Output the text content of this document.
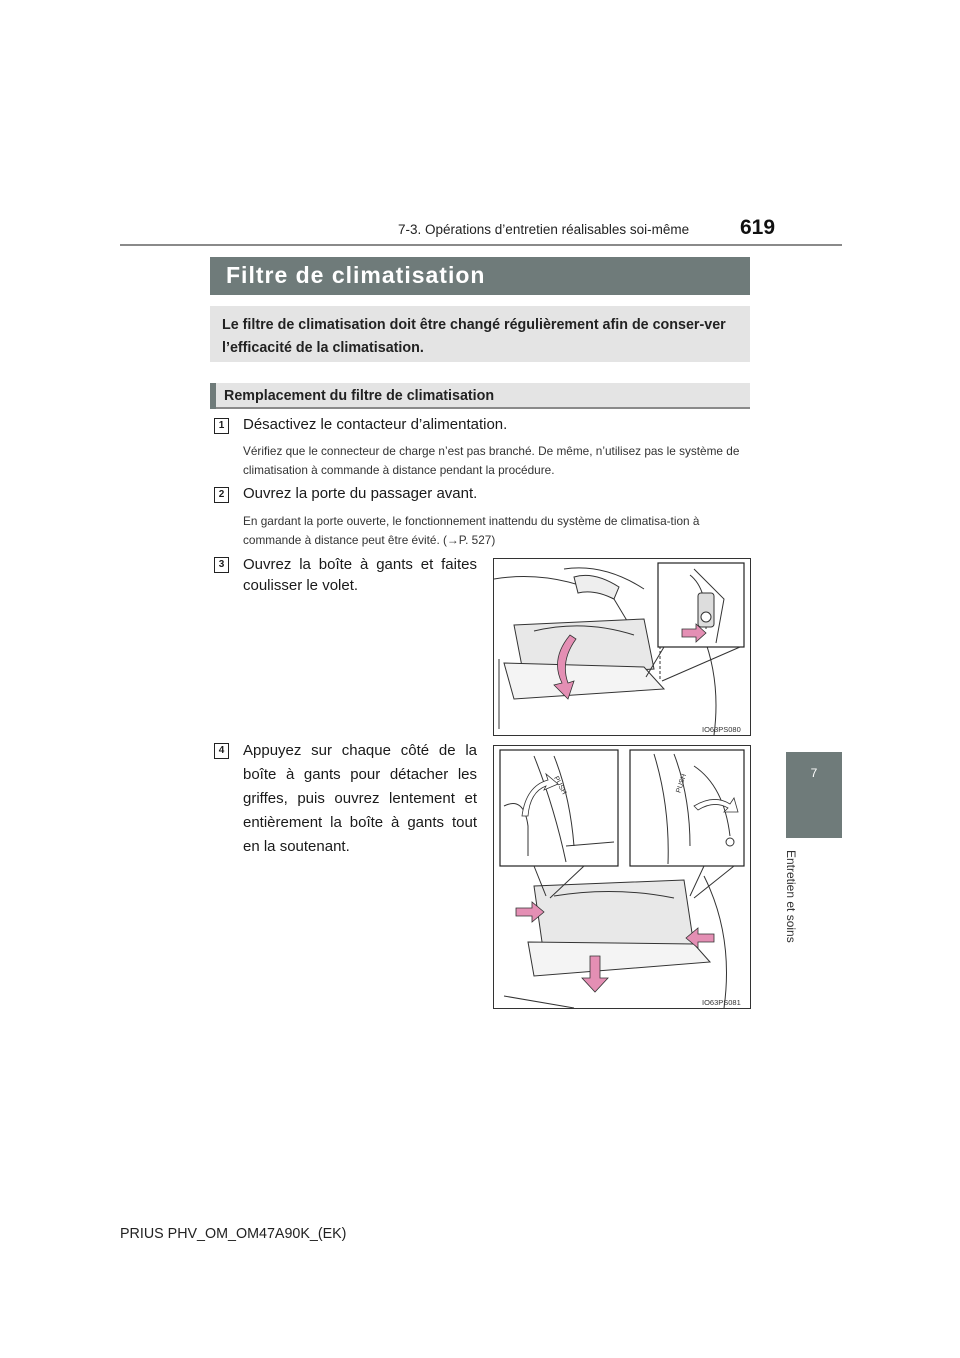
7-3. Opérations d’entretien réalisables soi-même 619
7
Entretien et soins
Filtre de climatisation
Le filtre de climatisation doit être changé régulièrement afin de conser-ver l’efficacité de la climatisation.
Remplacement du filtre de climatisation
1	Désactivez le contacteur d’alimentation.
Vérifiez que le connecteur de charge n’est pas branché. De même, n’utilisez pas le système de climatisation à commande à distance pendant la procédure.
2	Ouvrez la porte du passager avant.
En gardant la porte ouverte, le fonctionnement inattendu du système de climatisa-tion à commande à distance peut être évité. (→P. 527)
3	Ouvrez la boîte à gants et faites coulisser le volet.
IO63PS080
4	Appuyez sur chaque côté de la boîte à gants pour détacher les griffes, puis ouvrez lentement et entièrement la boîte à gants tout en la soutenant.
PUSH	PUSH
IO63PS081
PRIUS PHV_OM_OM47A90K_(EK)
